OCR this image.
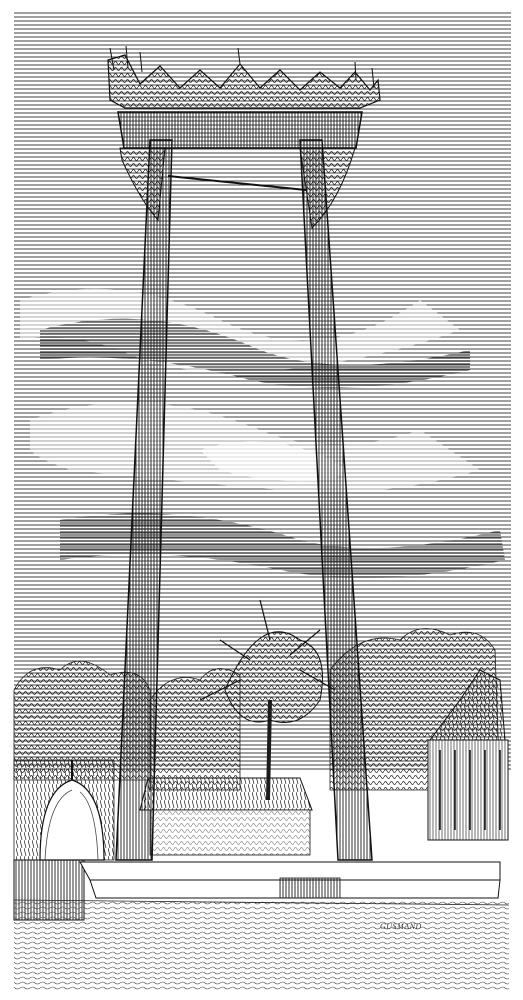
GUSMAND
